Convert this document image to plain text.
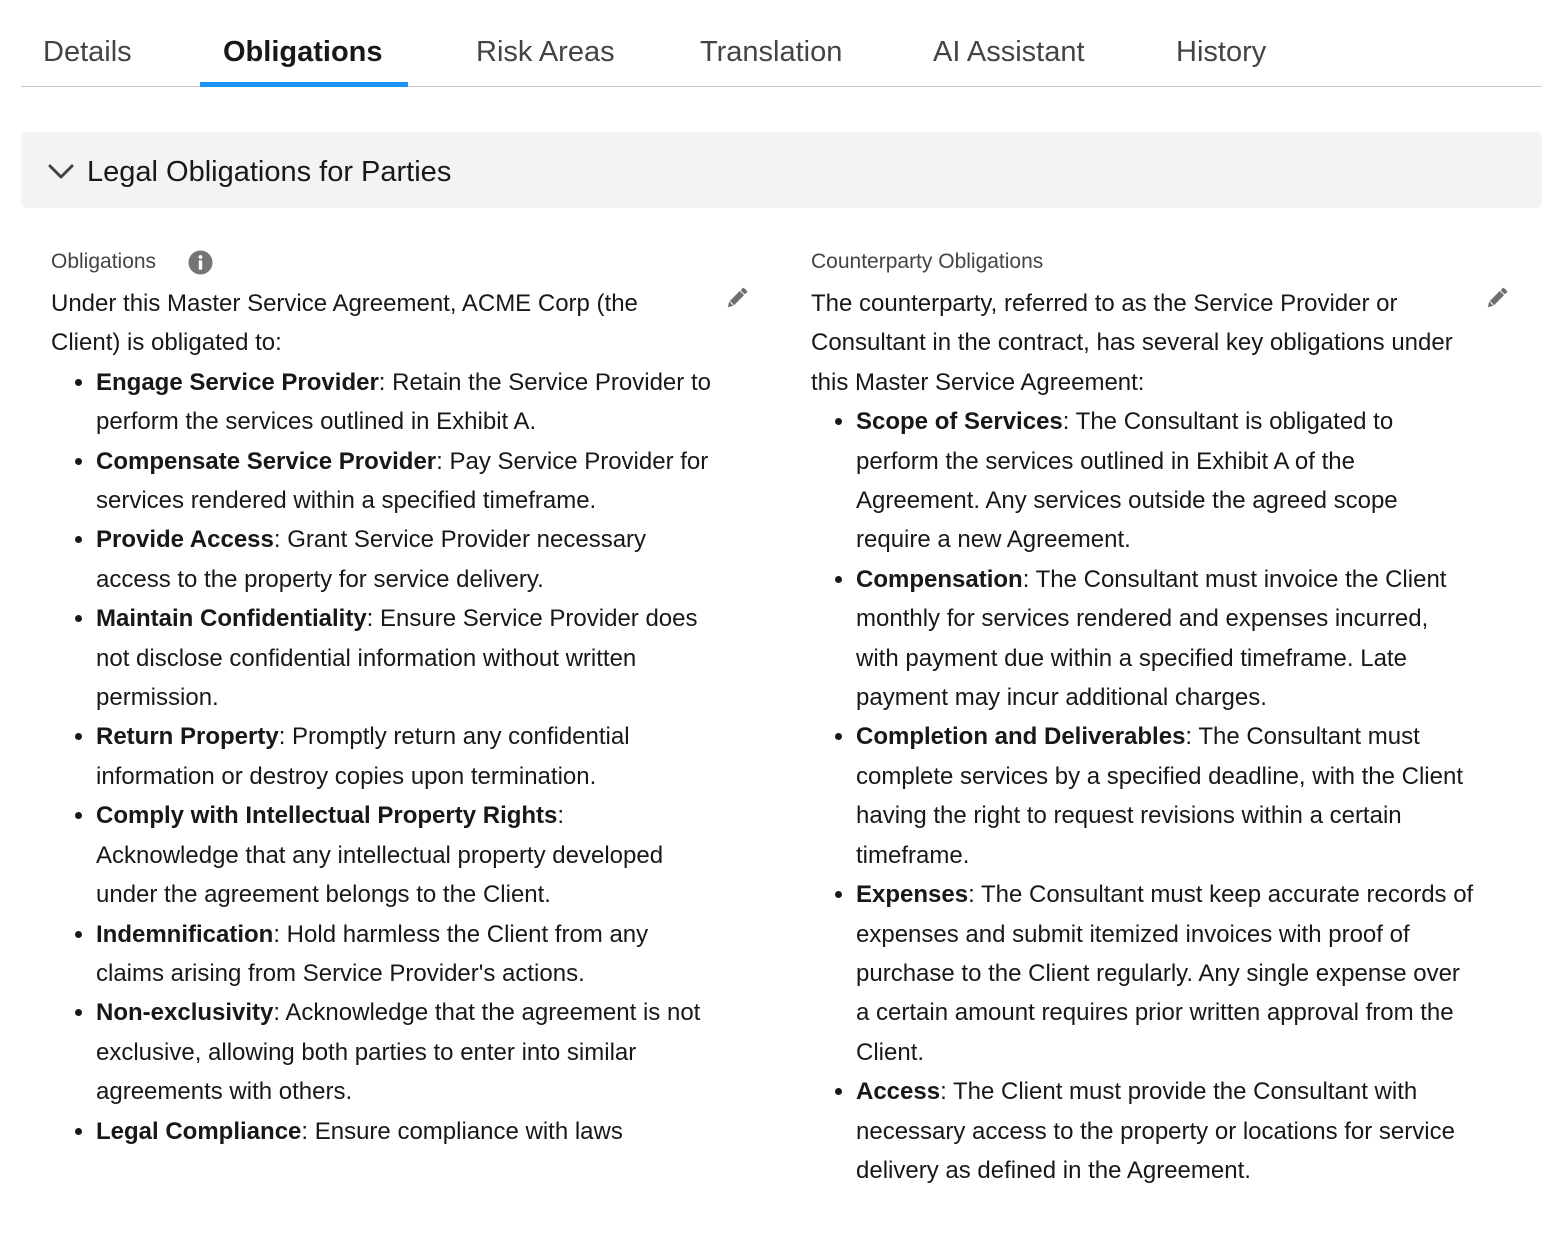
Details	Obligations	Risk Areas	Translation	AI Assistant	History
Legal Obligations for Parties
Obligations

Under this Master Service Agreement, ACME Corp (the Client) is obligated to:

• Engage Service Provider: Retain the Service Provider to perform the services outlined in Exhibit A.
• Compensate Service Provider: Pay Service Provider for services rendered within a specified timeframe.
• Provide Access: Grant Service Provider necessary access to the property for service delivery.
• Maintain Confidentiality: Ensure Service Provider does not disclose confidential information without written permission.
• Return Property: Promptly return any confidential information or destroy copies upon termination.
• Comply with Intellectual Property Rights: Acknowledge that any intellectual property developed under the agreement belongs to the Client.
• Indemnification: Hold harmless the Client from any claims arising from Service Provider's actions.
• Non-exclusivity: Acknowledge that the agreement is not exclusive, allowing both parties to enter into similar agreements with others.
• Legal Compliance: Ensure compliance with laws
Counterparty Obligations

The counterparty, referred to as the Service Provider or Consultant in the contract, has several key obligations under this Master Service Agreement:

• Scope of Services: The Consultant is obligated to perform the services outlined in Exhibit A of the Agreement. Any services outside the agreed scope require a new Agreement.
• Compensation: The Consultant must invoice the Client monthly for services rendered and expenses incurred, with payment due within a specified timeframe. Late payment may incur additional charges.
• Completion and Deliverables: The Consultant must complete services by a specified deadline, with the Client having the right to request revisions within a certain timeframe.
• Expenses: The Consultant must keep accurate records of expenses and submit itemized invoices with proof of purchase to the Client regularly. Any single expense over a certain amount requires prior written approval from the Client.
• Access: The Client must provide the Consultant with necessary access to the property or locations for service delivery as defined in the Agreement.
